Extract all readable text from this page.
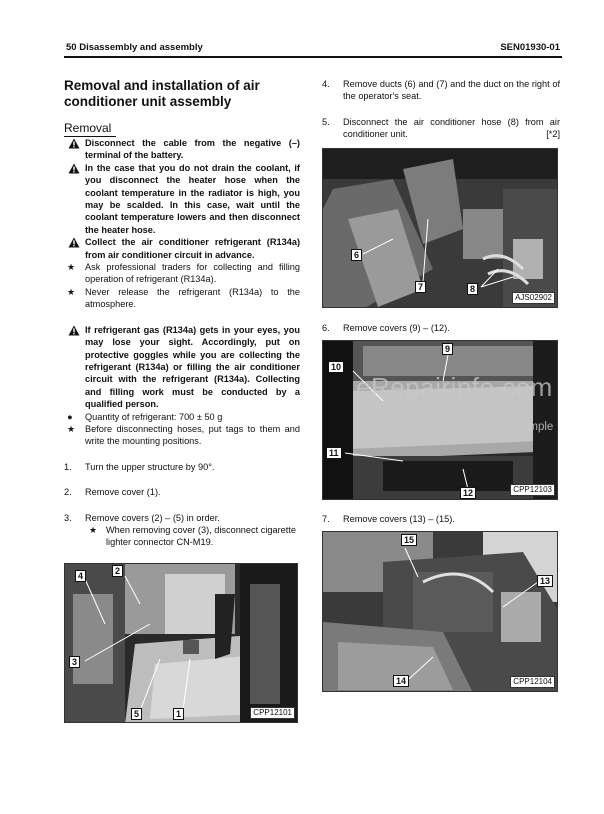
50 Disassembly and assembly	SEN01930-01
Removal and installation of air
conditioner unit assembly
Removal
Disconnect the cable from the negative (–) terminal of the battery.
In the case that you do not drain the coolant, if you disconnect the heater hose when the coolant temperature in the radiator is high, you may be scalded. In this case, wait until the coolant temperature lowers and then disconnect the heater hose.
Collect the air conditioner refrigerant (R134a) from air conditioner circuit in advance.
★	Ask professional traders for collecting and filling operation of refrigerant (R134a).
★	Never release the refrigerant (R134a) to the atmosphere.
If refrigerant gas (R134a) gets in your eyes, you may lose your sight. Accordingly, put on protective goggles while you are collecting the refrigerant (R134a) or filling the air conditioner circuit with the refrigerant (R134a). Collecting and filling work must be conducted by a qualified person.
●	Quantity of refrigerant: 700 ± 50 g
★	Before disconnecting hoses, put tags to them and write the mounting positions.
1. Turn the upper structure by 90°.
2. Remove cover (1).
3. Remove covers (2) – (5) in order.
★ When removing cover (3), disconnect cigarette lighter connector CN-M19.
4	2
3
5	1	CPP12101
4. Remove ducts (6) and (7) and the duct on the right of the operator's seat.
5. Disconnect the air conditioner hose (8) from air conditioner unit.	[*2]
6
7	8
AJS02902
6. Remove covers (9) – (12).
9
10
11
12	CPP12103
7. Remove covers (13) – (15).
15
13
14	CPP12104
eRepairinfo.com
watermark only on this sample
